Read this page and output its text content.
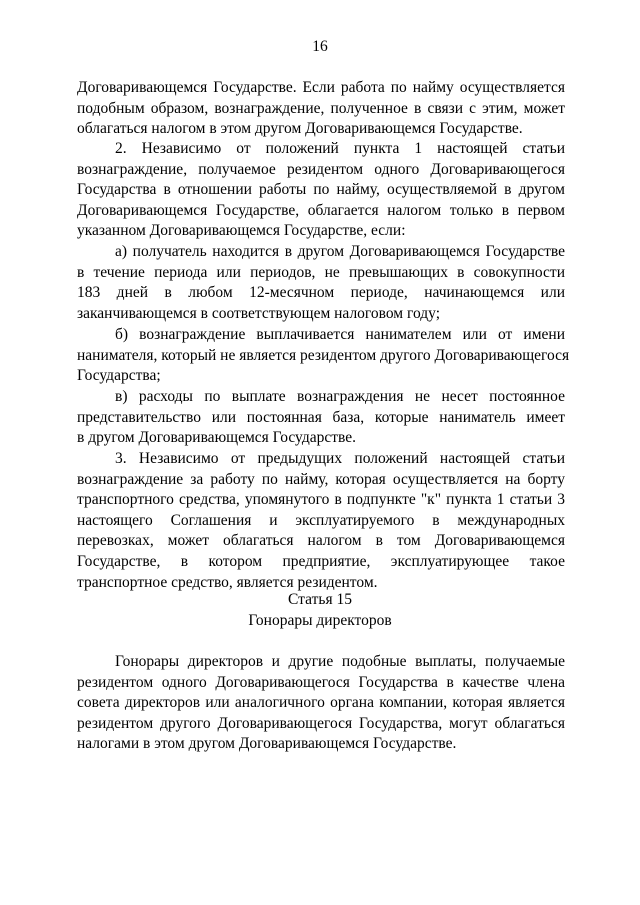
16

Договаривающемся Государстве. Если работа по найму осуществляется
подобным образом, вознаграждение, полученное в связи с этим, может
облагаться налогом в этом другом Договаривающемся Государстве.

2. Независимо от положений пункта 1 настоящей статьи
вознаграждение, получаемое резидентом одного Договаривающегося
Государства в отношении работы по найму, осуществляемой в другом
Договаривающемся Государстве, облагается налогом только в первом
указанном Договаривающемся Государстве, если:

а) получатель находится в другом Договаривающемся Государстве
в течение периода или периодов, не превышающих в совокупности
183 дней в любом 12-месячном периоде, начинающемся или
заканчивающемся в соответствующем налоговом году;

б) вознаграждение выплачивается нанимателем или от имени
нанимателя, который не является резидентом другого Договаривающегося
Государства;

в) расходы по выплате вознаграждения не несет постоянное
представительство или постоянная база, которые наниматель имеет
в другом Договаривающемся Государстве.

3. Независимо от предыдущих положений настоящей статьи
вознаграждение за работу по найму, которая осуществляется на борту
транспортного средства, упомянутого в подпункте "к" пункта 1 статьи 3
настоящего Соглашения и эксплуатируемого в международных
перевозках, может облагаться налогом в том Договаривающемся
Государстве, в котором предприятие, эксплуатирующее такое
транспортное средство, является резидентом.

Статья 15
Гонорары директоров

Гонорары директоров и другие подобные выплаты, получаемые
резидентом одного Договаривающегося Государства в качестве члена
совета директоров или аналогичного органа компании, которая является
резидентом другого Договаривающегося Государства, могут облагаться
налогами в этом другом Договаривающемся Государстве.
